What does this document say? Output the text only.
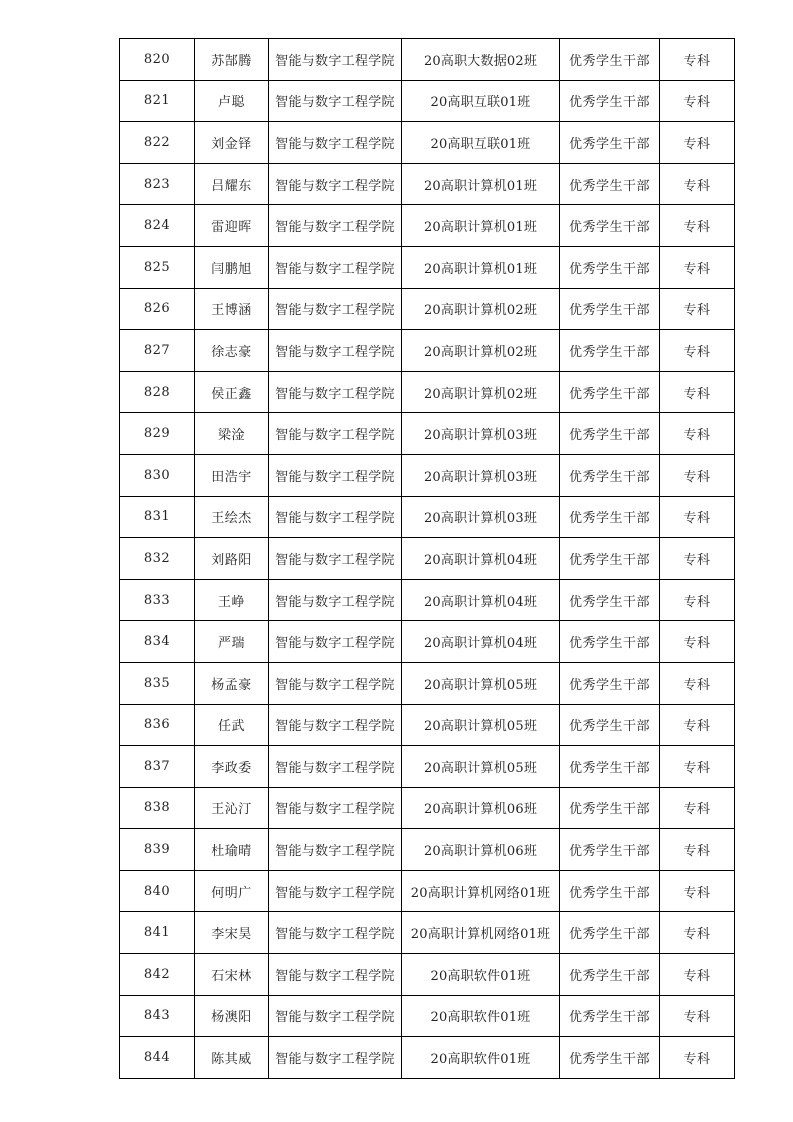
820	苏郜腾	智能与数字工程学院	20高职大数据02班	优秀学生干部	专科
821	卢聪	智能与数字工程学院	20高职互联01班	优秀学生干部	专科
822	刘金铎	智能与数字工程学院	20高职互联01班	优秀学生干部	专科
823	吕耀东	智能与数字工程学院	20高职计算机01班	优秀学生干部	专科
824	雷迎晖	智能与数字工程学院	20高职计算机01班	优秀学生干部	专科
825	闫鹏旭	智能与数字工程学院	20高职计算机01班	优秀学生干部	专科
826	王博涵	智能与数字工程学院	20高职计算机02班	优秀学生干部	专科
827	徐志豪	智能与数字工程学院	20高职计算机02班	优秀学生干部	专科
828	侯正鑫	智能与数字工程学院	20高职计算机02班	优秀学生干部	专科
829	梁淦	智能与数字工程学院	20高职计算机03班	优秀学生干部	专科
830	田浩宇	智能与数字工程学院	20高职计算机03班	优秀学生干部	专科
831	王绘杰	智能与数字工程学院	20高职计算机03班	优秀学生干部	专科
832	刘路阳	智能与数字工程学院	20高职计算机04班	优秀学生干部	专科
833	王峥	智能与数字工程学院	20高职计算机04班	优秀学生干部	专科
834	严瑞	智能与数字工程学院	20高职计算机04班	优秀学生干部	专科
835	杨孟豪	智能与数字工程学院	20高职计算机05班	优秀学生干部	专科
836	任武	智能与数字工程学院	20高职计算机05班	优秀学生干部	专科
837	李政委	智能与数字工程学院	20高职计算机05班	优秀学生干部	专科
838	王沁汀	智能与数字工程学院	20高职计算机06班	优秀学生干部	专科
839	杜瑜晴	智能与数字工程学院	20高职计算机06班	优秀学生干部	专科
840	何明广	智能与数字工程学院	20高职计算机网络01班	优秀学生干部	专科
841	李宋昊	智能与数字工程学院	20高职计算机网络01班	优秀学生干部	专科
842	石宋林	智能与数字工程学院	20高职软件01班	优秀学生干部	专科
843	杨澳阳	智能与数字工程学院	20高职软件01班	优秀学生干部	专科
844	陈其威	智能与数字工程学院	20高职软件01班	优秀学生干部	专科
